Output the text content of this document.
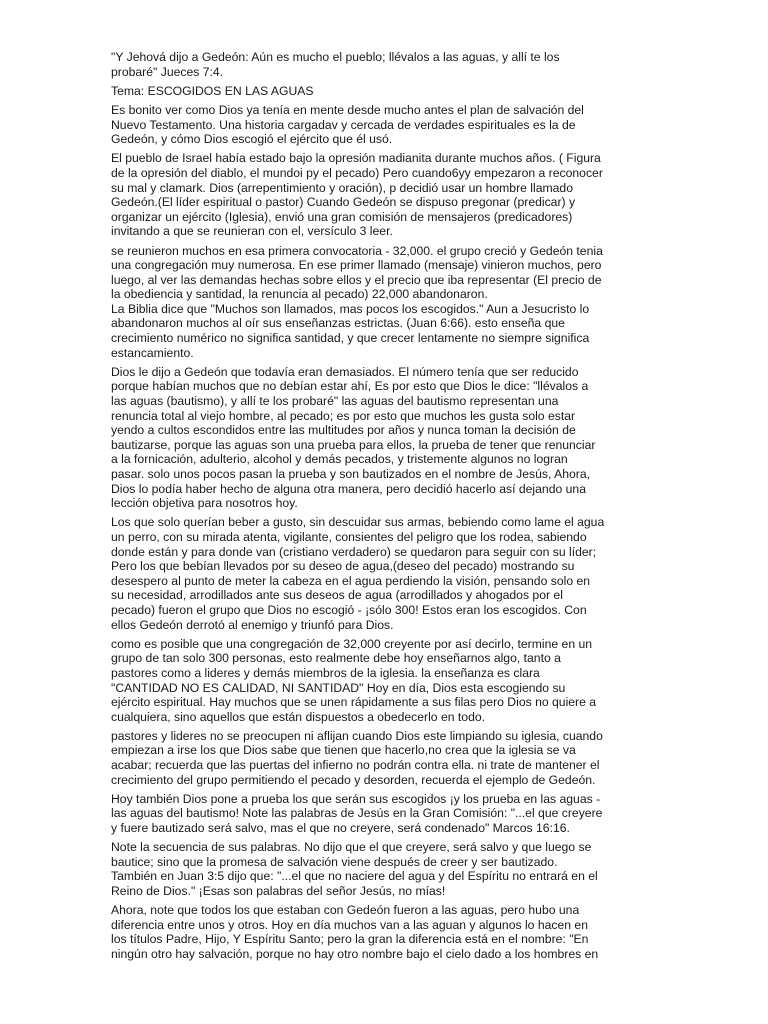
"Y Jehová dijo a Gedeón: Aún es mucho el pueblo; llévalos a las aguas, y allí te los
probaré" Jueces 7:4.

Tema: ESCOGIDOS EN LAS AGUAS

Es bonito ver como Dios ya tenía en mente desde mucho antes el plan de salvación del
Nuevo Testamento. Una historia cargadav y cercada de verdades espirituales es la de
Gedeón, y cómo Dios escogió el ejército que él usó.

El pueblo de Israel había estado bajo la opresión madianita durante muchos años. ( Figura
de la opresión del diablo, el mundoi py el pecado) Pero cuando6yy empezaron a reconocer
su mal y clamark. Dios (arrepentimiento y oración), p decidió usar un hombre llamado
Gedeón.(El líder espiritual o pastor) Cuando Gedeón se dispuso pregonar (predicar) y
organizar un ejército (Iglesia), envió una gran comisión de mensajeros (predicadores)
invitando a que se reunieran con el, versículo 3 leer.

se reunieron muchos en esa primera convocatoria - 32,000. el grupo creció y Gedeón tenia
una congregación muy numerosa. En ese primer llamado (mensaje) vinieron muchos, pero
luego, al ver las demandas hechas sobre ellos y el precio que iba representar (El precio de
la obediencia y santidad, la renuncia al pecado) 22,000 abandonaron.
La Biblia dice que "Muchos son llamados, mas pocos los escogidos." Aun a Jesucristo lo
abandonaron muchos al oír sus enseñanzas estrictas. (Juan 6:66). esto enseña que
crecimiento numérico no significa santidad, y que crecer lentamente no siempre significa
estancamiento.

Dios le dijo a Gedeón que todavía eran demasiados. El número tenía que ser reducido
porque habían muchos que no debían estar ahí, Es por esto que Dios le dice: "llévalos a
las aguas (bautismo), y allí te los probaré" las aguas del bautismo representan una
renuncia total al viejo hombre, al pecado; es por esto que muchos les gusta solo estar
yendo a cultos escondidos entre las multitudes por años y nunca toman la decisión de
bautizarse, porque las aguas son una prueba para ellos, la prueba de tener que renunciar
a la fornicación, adulterio, alcohol y demás pecados, y tristemente algunos no logran
pasar. solo unos pocos pasan la prueba y son bautizados en el nombre de Jesús, Ahora,
Dios lo podía haber hecho de alguna otra manera, pero decidió hacerlo así dejando una
lección objetiva para nosotros hoy.

Los que solo querían beber a gusto, sin descuidar sus armas, bebiendo como lame el agua
un perro, con su mirada atenta, vigilante, consientes del peligro que los rodea, sabiendo
donde están y para donde van (cristiano verdadero) se quedaron para seguir con su líder;
Pero los que bebían llevados por su deseo de agua,(deseo del pecado) mostrando su
desespero al punto de meter la cabeza en el agua perdiendo la visión, pensando solo en
su necesidad, arrodillados ante sus deseos de agua (arrodillados y ahogados por el
pecado) fueron el grupo que Dios no escogió - ¡sólo 300! Estos eran los escogidos. Con
ellos Gedeón derrotó al enemigo y triunfó para Dios.

como es posible que una congregación de 32,000 creyente por así decirlo, termine en un
grupo de tan solo 300 personas, esto realmente debe hoy enseñarnos algo, tanto a
pastores como a lideres y demás miembros de la iglesia. la enseñanza es clara
"CANTIDAD NO ES CALIDAD, NI SANTIDAD" Hoy en día, Dios esta escogiendo su
ejército espiritual. Hay muchos que se unen rápidamente a sus filas pero Dios no quiere a
cualquiera, sino aquellos que están dispuestos a obedecerlo en todo.

pastores y lideres no se preocupen ni aflijan cuando Dios este limpiando su iglesia, cuando
empiezan a irse los que Dios sabe que tienen que hacerlo,no crea que la iglesia se va
acabar; recuerda que las puertas del infierno no podrán contra ella. ni trate de mantener el
crecimiento del grupo permitiendo el pecado y desorden, recuerda el ejemplo de Gedeón.

Hoy también Dios pone a prueba los que serán sus escogidos ¡y los prueba en las aguas -
las aguas del bautismo! Note las palabras de Jesús en la Gran Comisión: "...el que creyere
y fuere bautizado será salvo, mas el que no creyere, será condenado" Marcos 16:16.

Note la secuencia de sus palabras. No dijo que el que creyere, será salvo y que luego se
bautice; sino que la promesa de salvación viene después de creer y ser bautizado.
También en Juan 3:5 dijo que: "...el que no naciere del agua y del Espíritu no entrará en el
Reino de Dios." ¡Esas son palabras del señor Jesús, no mías!

Ahora, note que todos los que estaban con Gedeón fueron a las aguas, pero hubo una
diferencia entre unos y otros. Hoy en día muchos van a las aguan y algunos lo hacen en
los títulos Padre, Hijo, Y Espíritu Santo; pero la gran la diferencia está en el nombre: "En
ningún otro hay salvación, porque no hay otro nombre bajo el cielo dado a los hombres en
